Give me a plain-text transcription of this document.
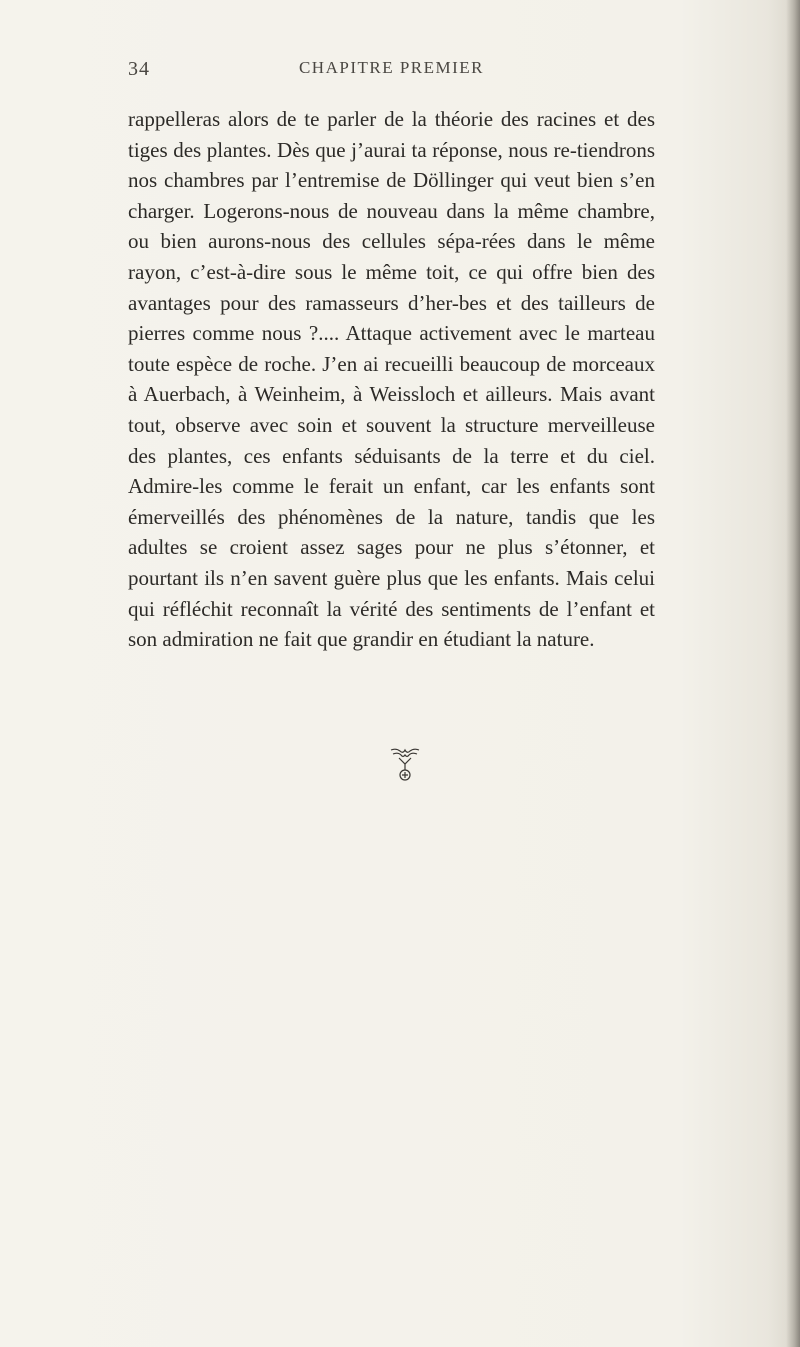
34	CHAPITRE PREMIER

rappelleras alors de te parler de la théorie des racines et des tiges des plantes. Dès que j’aurai ta réponse, nous re-tiendrons nos chambres par l’entremise de Döllinger qui veut bien s’en charger. Logerons-nous de nouveau dans la même chambre, ou bien aurons-nous des cellules sépa-rées dans le même rayon, c’est-à-dire sous le même toit, ce qui offre bien des avantages pour des ramasseurs d’her-bes et des tailleurs de pierres comme nous ?.... Attaque activement avec le marteau toute espèce de roche. J’en ai recueilli beaucoup de morceaux à Auerbach, à Weinheim, à Weissloch et ailleurs. Mais avant tout, observe avec soin et souvent la structure merveilleuse des plantes, ces enfants séduisants de la terre et du ciel. Admire-les comme le ferait un enfant, car les enfants sont émerveillés des phénomènes de la nature, tandis que les adultes se croient assez sages pour ne plus s’étonner, et pourtant ils n’en savent guère plus que les enfants. Mais celui qui réfléchit reconnaît la vérité des sentiments de l’enfant et son admiration ne fait que grandir en étudiant la nature.
